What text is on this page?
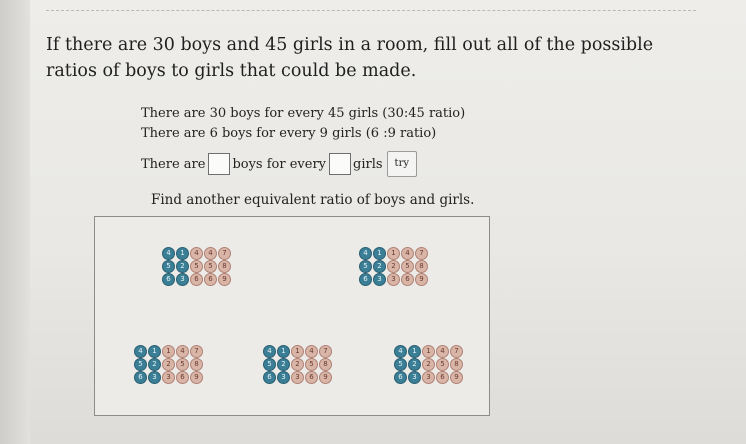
If there are 30 boys and 45 girls in a room, fill out all of the possible ratios of boys to girls that could be made.
There are 30 boys for every 45 girls (30:45 ratio)
There are 6 boys for every 9 girls (6 :9 ratio)
There are boys for every girls	try
Find another equivalent ratio of boys and girls.
4	1	4	4	7
5	2	5	5	8
6	3	6	6	9
4	1	1	4	7
5	2	2	5	8
6	3	3	6	9
4	1	1	4	7
5	2	2	5	8
6	3	3	6	9
4	1	1	4	7
5	2	2	5	8
6	3	3	6	9
4	1	1	4	7
5	2	2	5	8
6	3	3	6	9
